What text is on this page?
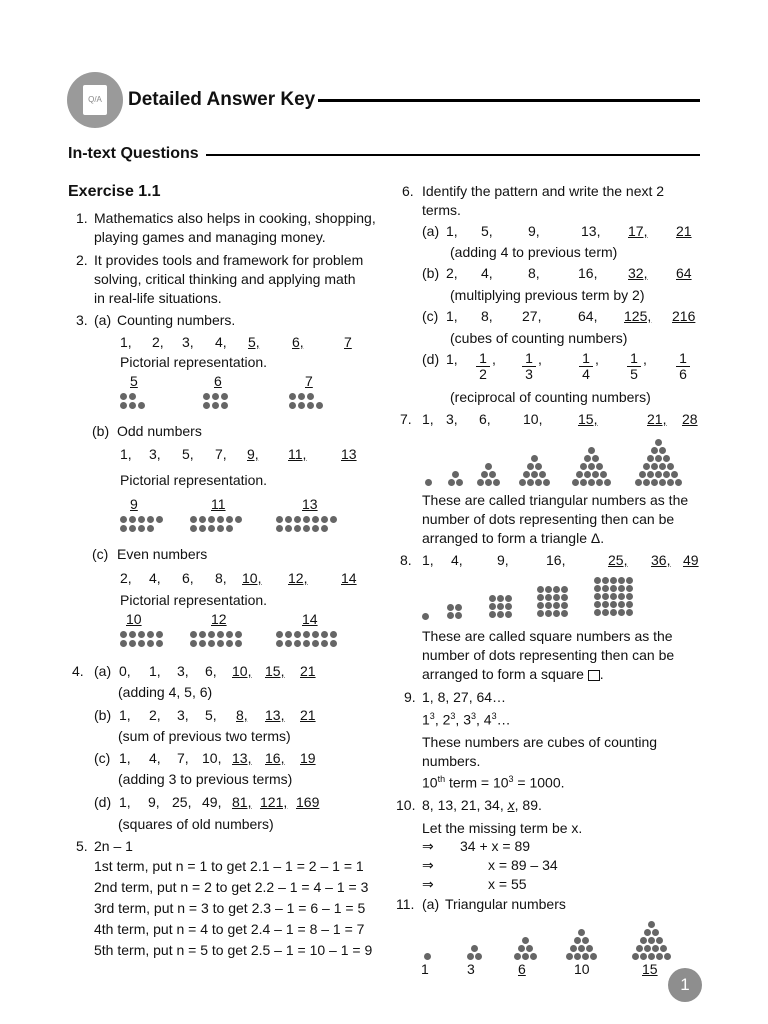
Q/A Detailed Answer Key
In-text Questions
Exercise 1.1
1. Mathematics also helps in cooking, shopping,
playing games and managing money.
2. It provides tools and framework for problem
solving, critical thinking and applying math
in real-life situations.
3. (a) Counting numbers.
1, 2, 3, 4, 5, 6,	7
Pictorial representation.
5	6	7
(b) Odd numbers
1, 3, 5, 7, 9, 11, 13
Pictorial representation.
9	11	13
(c) Even numbers
2, 4, 6, 8, 10, 12, 14
Pictorial representation.
10	12	14
4. (a) 0, 1, 3, 6, 10, 15, 21
(adding 4, 5, 6)
(b) 1, 2, 3, 5, 8, 13, 21
(sum of previous two terms)
(c) 1, 4, 7, 10, 13, 16, 19
(adding 3 to previous terms)
(d) 1, 9, 25, 49, 81, 121, 169
(squares of old numbers)
5. 2n – 1
1st term, put n = 1 to get 2.1 – 1 = 2 – 1 = 1
2nd term, put n = 2 to get 2.2 – 1 = 4 – 1 = 3
3rd term, put n = 3 to get 2.3 – 1 = 6 – 1 = 5
4th term, put n = 4 to get 2.4 – 1 = 8 – 1 = 7
5th term, put n = 5 to get 2.5 – 1 = 10 – 1 = 9
6. Identify the pattern and write the next 2
terms.
(a) 1, 5,	9,	13, 17, 21
(adding 4 to previous term)
(b) 2, 4,	8,	16, 32, 64
(multiplying previous term by 2)
(c) 1, 8, 27,	64, 125, 216
(cubes of counting numbers)
(d) 1, $\frac{1}{2}$ , $\frac{1}{3}$ ,	$\frac{1}{4}$ , $\frac{1}{5}$ , $\frac{1}{6}$
(reciprocal of counting numbers)
7. 1, 3, 6, 10,	15,	21, 28
These are called triangular numbers as the
number of dots representing then can be
arranged to form a triangle Δ.
8. 1, 4, 9,	16,	25, 36, 49
These are called square numbers as the
number of dots representing then can be
arranged to form a square .
9. 1, 8, 27, 64…
$1^3$, $2^3$, $3^3$, $4^3\dots$
These numbers are cubes of counting
numbers.
10th term = $10^3 = 1000$.
10. 8, 13, 21, 34, x, 89.
Let the missing term be x.
⇒ 34 + x = 89
⇒	x = 89 – 34
⇒	x = 55
11. (a) Triangular numbers
1	3	6	10	15
1
